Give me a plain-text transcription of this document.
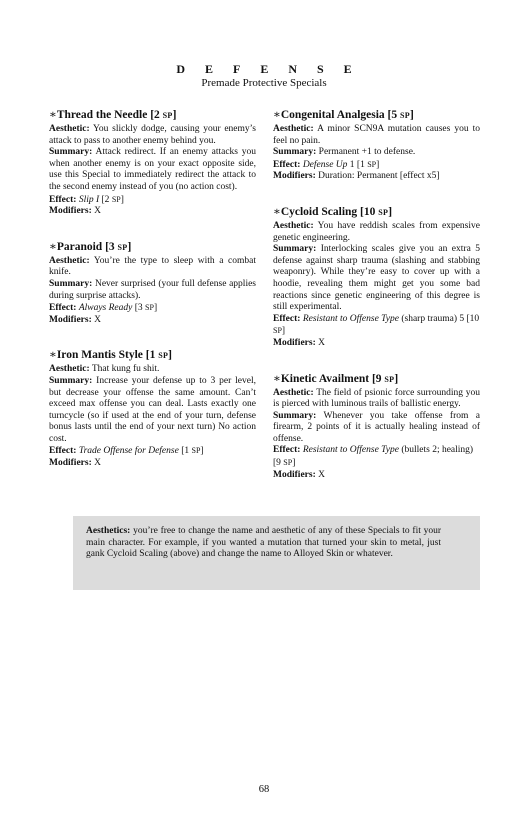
DEFENSE
Premade Protective Specials
∗Thread the Needle [2 SP]

Aesthetic: You slickly dodge, causing your enemy’s attack to pass to another enemy behind you.

Summary: Attack redirect. If an enemy attacks you when another enemy is on your exact opposite side, use this Special to immediately redirect the attack to the second enemy instead of you (no action cost).

Effect: Slip I [2 SP]

Modifiers: X

∗Paranoid [3 SP]

Aesthetic: You’re the type to sleep with a combat knife.

Summary: Never surprised (your full defense applies during surprise attacks).

Effect: Always Ready [3 SP]

Modifiers: X

∗Iron Mantis Style [1 SP]

Aesthetic: That kung fu shit.

Summary: Increase your defense up to 3 per level, but decrease your offense the same amount. Can’t exceed max offense you can deal. Lasts exactly one turncycle (so if used at the end of your turn, defense bonus lasts until the end of your next turn) No action cost.

Effect: Trade Offense for Defense [1 SP]

Modifiers: X

∗Congenital Analgesia [5 SP]

Aesthetic: A minor SCN9A mutation causes you to feel no pain.

Summary: Permanent +1 to defense.

Effect: Defense Up 1 [1 SP]

Modifiers: Duration: Permanent [effect x5]

∗Cycloid Scaling [10 SP]

Aesthetic: You have reddish scales from expensive genetic engineering.

Summary: Interlocking scales give you an extra 5 defense against sharp trauma (slashing and stabbing weaponry). While they’re easy to cover up with a hoodie, revealing them might get you some bad reactions since genetic engineering of this degree is still experimental.

Effect: Resistant to Offense Type (sharp trauma) 5 [10 SP]

Modifiers: X

∗Kinetic Availment [9 SP]

Aesthetic: The field of psionic force surrounding you is pierced with luminous trails of ballistic energy.

Summary: Whenever you take offense from a firearm, 2 points of it is actually healing instead of offense.

Effect: Resistant to Offense Type (bullets 2; healing) [9 SP]

Modifiers: X

Aesthetics: you’re free to change the name and aesthetic of any of these Specials to fit your main character. For example, if you wanted a mutation that turned your skin to metal, just gank Cycloid Scaling (above) and change the name to Alloyed Skin or whatever.

68
